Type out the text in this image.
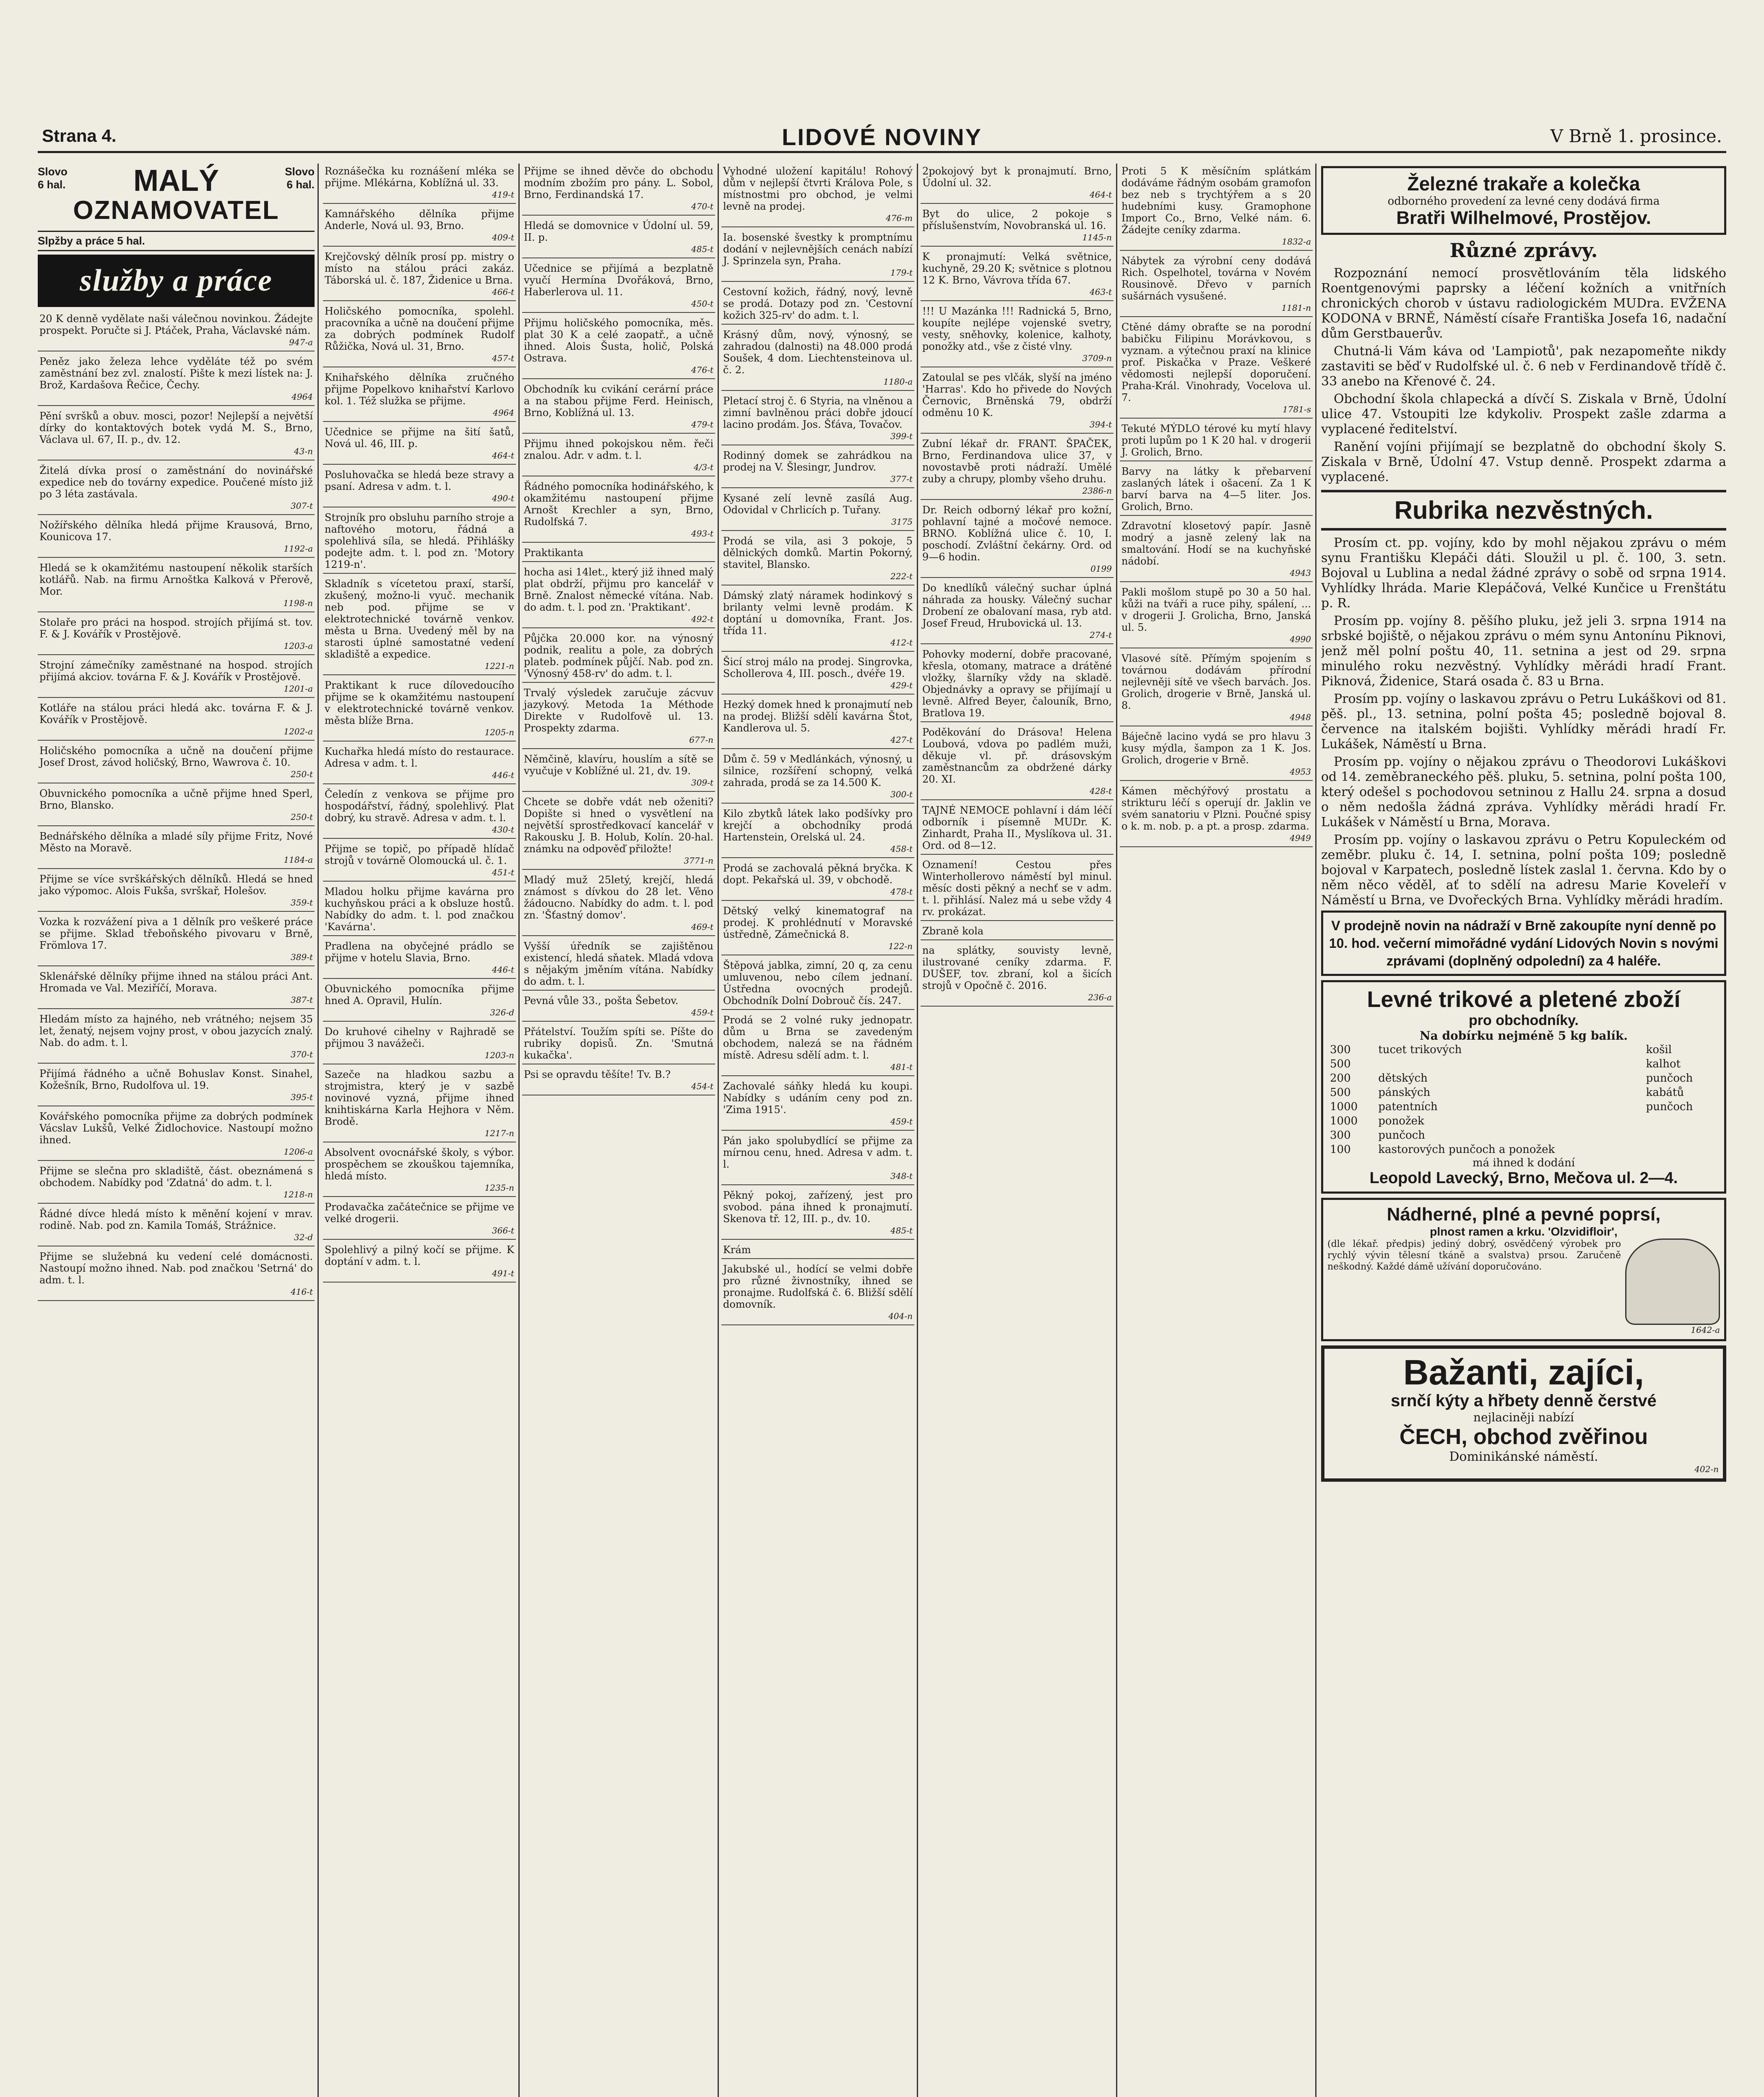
Strana 4.	LIDOVÉ NOVINY	V Brně 1. prosince.
Slovo 6 hal.
Slovo 6 hal.
MALÝ
OZNAMOVATEL
Slpžby a práce 5 hal.
služby a práce
20 K denně vydělate naši válečnou novinkou. Žádejte prospekt. Poručte si J. Ptáček, Praha, Václavské nám.
947-a
Peněz jako železa lehce vyděláte též po svém zaměstnání bez zvl. znalostí. Pište k mezi lístek na: J. Brož, Kardašova Řečice, Čechy.
4964
Pění svršků a obuv. mosci, pozor! Nejlepší a největší dírky do kontaktových botek vydá M. S., Brno, Václava ul. 67, II. p., dv. 12.
43-n
Žitelá dívka prosí o zaměstnání do novinářské expedice neb do továrny expedice. Poučené místo již po 3 léta zastávala.
307-t
Nožířského dělníka hledá přijme Krausová, Brno, Kounicova 17.
1192-a
Hledá se k okamžitému nastoupení několik starších kotlářů. Nab. na firmu Arnoštka Kalková v Přerově, Mor.
1198-n
Stolaře pro práci na hospod. strojích přijímá st. tov. F. & J. Kovářík v Prostějově.
1203-a
Strojní zámečníky zaměstnané na hospod. strojích přijímá akciov. továrna F. & J. Kovářík v Prostějově.
1201-a
Kotláře na stálou práci hledá akc. továrna F. & J. Kovářík v Prostějově.
1202-a
Holičského pomocníka a učně na doučení přijme Josef Drost, závod holičský, Brno, Wawrova č. 10.
250-t
Obuvnického pomocníka a učně přijme hned Sperl, Brno, Blansko.
250-t
Bednářského dělníka a mladé síly přijme Fritz, Nové Město na Moravě.
1184-a
Přijme se více svrškářských dělníků. Hledá se hned jako výpomoc. Alois Fukša, svrškař, Holešov.
359-t
Vozka k rozvážení piva a 1 dělník pro veškeré práce se přijme. Sklad třeboňského pivovaru v Brně, Frömlova 17.
389-t
Sklenářské dělníky přijme ihned na stálou práci Ant. Hromada ve Val. Meziříčí, Morava.
387-t
Hledám místo za hajného, neb vrátného; nejsem 35 let, ženatý, nejsem vojny prost, v obou jazycích znalý. Nab. do adm. t. l.
370-t
Přijímá řádného a učně Bohuslav Konst. Sinahel, Kožešník, Brno, Rudolfova ul. 19.
395-t
Kovářského pomocníka přijme za dobrých podmínek Vácslav Lukšů, Velké Židlochovice. Nastoupí možno ihned.
1206-a
Přijme se slečna pro skladiště, část. obeznámená s obchodem. Nabídky pod 'Zdatná' do adm. t. l.
1218-n
Řádné dívce hledá místo k měnění kojení v mrav. rodině. Nab. pod zn. Kamila Tomáš, Strážnice.
32-d
Přijme se služebná ku vedení celé domácnosti. Nastoupí možno ihned. Nab. pod značkou 'Setrná' do adm. t. l.
416-t
Roznášečka ku roznášení mléka se přijme. Mlékárna, Koblížná ul. 33.
419-t
Kamnářského dělníka přijme Anderle, Nová ul. 93, Brno.
409-t
Krejčovský dělník prosí pp. mistry o místo na stálou práci zakáz. Táborská ul. č. 187, Židenice u Brna.
466-t
Holičského pomocníka, spolehl. pracovníka a učně na doučení přijme za dobrých podmínek Rudolf Růžička, Nová ul. 31, Brno.
457-t
Knihařského dělníka zručného přijme Popelkovo knihařství Karlovo kol. 1. Též služka se přijme.
4964
Učednice se přijme na šití šatů, Nová ul. 46, III. p.
464-t
Posluhovačka se hledá beze stravy a psaní. Adresa v adm. t. l.
490-t
Strojník pro obsluhu parního stroje a naftového motoru, řádná a spolehlivá síla, se hledá. Přihlášky podejte adm. t. l. pod zn. 'Motory 1219-n'.
Skladník s vícetetou praxí, starší, zkušený, možno-li vyuč. mechanik neb pod. přijme se v elektrotechnické továrně venkov. města u Brna. Uvedený měl by na starosti úplné samostatné vedení skladiště a expedice.
1221-n
Praktikant k ruce dílovedoucího přijme se k okamžitému nastoupení v elektrotechnické továrně venkov. města blíže Brna.
1205-n
Kuchařka hledá místo do restaurace. Adresa v adm. t. l.
446-t
Čeledín z venkova se přijme pro hospodářství, řádný, spolehlivý. Plat dobrý, ku stravě. Adresa v adm. t. l.
430-t
Přijme se topič, po případě hlídač strojů v továrně Olomoucká ul. č. 1.
451-t
Mladou holku přijme kavárna pro kuchyňskou práci a k obsluze hostů. Nabídky do adm. t. l. pod značkou 'Kavárna'.
Pradlena na obyčejné prádlo se přijme v hotelu Slavia, Brno.
446-t
Obuvnického pomocníka přijme hned A. Opravil, Hulín.
326-d
Do kruhové cihelny v Rajhradě se přijmou 3 navážeči.
1203-n
Sazeče na hladkou sazbu a strojmistra, který je v sazbě novinové vyzná, přijme ihned knihtiskárna Karla Hejhora v Něm. Brodě.
1217-n
Absolvent ovocnářské školy, s výbor. prospěchem se zkouškou tajemníka, hledá místo.
1235-n
Prodavačka začátečnice se přijme ve velké drogerii.
366-t
Spolehlivý a pilný kočí se přijme. K doptání v adm. t. l.
491-t
Přijme se ihned děvče do obchodu modním zbožím pro pány. L. Sobol, Brno, Ferdinandská 17.
470-t
Hledá se domovnice v Údolní ul. 59, II. p.
485-t
Učednice se přijímá a bezplatně vyučí Hermína Dvořáková, Brno, Haberlerova ul. 11.
450-t
Přijmu holičského pomocníka, měs. plat 30 K a celé zaopatř., a učně ihned. Alois Šusta, holič, Polská Ostrava.
476-t
Obchodník ku cvikání cerární práce a na stabou přijme Ferd. Heinisch, Brno, Koblížná ul. 13.
479-t
Přijmu ihned pokojskou něm. řeči znalou. Adr. v adm. t. l.
4/3-t
Řádného pomocníka hodinářského, k okamžitému nastoupení přijme Arnošt Krechler a syn, Brno, Rudolfská 7.
493-t
Praktikanta
hocha asi 14let., který již ihned malý plat obdrží, přijmu pro kancelář v Brně. Znalost německé vítána. Nab. do adm. t. l. pod zn. 'Praktikant'.
492-t
Půjčka 20.000 kor. na výnosný podnik, realitu a pole, za dobrých plateb. podmínek půjčí. Nab. pod zn. 'Výnosný 458-rv' do adm. t. l.
Trvalý výsledek zaručuje zácvuv jazykový. Metoda 1a Méthode Direkte v Rudolfově ul. 13. Prospekty zdarma.
677-n
Němčině, klavíru, houslím a sítě se vyučuje v Koblížné ul. 21, dv. 19.
309-t
Chcete se dobře vdát neb oženiti? Dopište si hned o vysvětlení na největší sprostředkovací kancelář v Rakousku J. B. Holub, Kolín. 20-hal. známku na odpověď přiložte!
3771-n
Mladý muž 25letý, krejčí, hledá známost s dívkou do 28 let. Věno žádoucno. Nabídky do adm. t. l. pod zn. 'Šťastný domov'.
469-t
Vyšší úředník se zajištěnou existencí, hledá sňatek. Mladá vdova s nějakým jměním vítána. Nabídky do adm. t. l.
Pevná vůle 33., pošta Šebetov.
459-t
Přátelství. Toužím spíti se. Píšte do rubriky dopisů. Zn. 'Smutná kukačka'.
Psi se opravdu těšíte! Tv. B.?
454-t
Vyhodné uložení kapitálu! Rohový dům v nejlepší čtvrti Králova Pole, s místnostmi pro obchod, je velmi levně na prodej.
476-m
Ia. bosenské švestky k promptnímu dodání v nejlevnějších cenách nabízí J. Sprinzela syn, Praha.
179-t
Cestovní kožich, řádný, nový, levně se prodá. Dotazy pod zn. 'Cestovní kožich 325-rv' do adm. t. l.
Krásný dům, nový, výnosný, se zahradou (dalnosti) na 48.000 prodá Soušek, 4 dom. Liechtensteinova ul. č. 2.
1180-a
Pletací stroj č. 6 Styria, na vlněnou a zimní bavlněnou práci dobře jdoucí lacino prodám. Jos. Šťáva, Tovačov.
399-t
Rodinný domek se zahrádkou na prodej na V. Šlesingr, Jundrov.
377-t
Kysané zelí levně zasílá Aug. Odovidal v Chrlicích p. Tuřany.
3175
Prodá se vila, asi 3 pokoje, 5 dělnických domků. Martin Pokorný, stavitel, Blansko.
222-t
Dámský zlatý náramek hodinkový s brilanty velmi levně prodám. K doptání u domovníka, Frant. Jos. třída 11.
412-t
Šicí stroj málo na prodej. Singrovka, Schollerova 4, III. posch., dvéře 19.
429-t
Hezký domek hned k pronajmutí neb na prodej. Bližší sdělí kavárna Štot, Kandlerova ul. 5.
427-t
Dům č. 59 v Medlánkách, výnosný, u silnice, rozšíření schopný, velká zahrada, prodá se za 14.500 K.
300-t
Kilo zbytků látek lako podšívky pro krejčí a obchodníky prodá Hartenstein, Orelská ul. 24.
458-t
Prodá se zachovalá pěkná bryčka. K dopt. Pekařská ul. 39, v obchodě.
478-t
Dětský velký kinematograf na prodej. K prohlédnutí v Moravské ústředně, Zámečnická 8.
122-n
Štěpová jablka, zimní, 20 q, za cenu umluvenou, nebo cílem jednaní. Ústředna ovocných prodejů. Obchodník Dolní Dobrouč čís. 247.
Prodá se 2 volné ruky jednopatr. dům u Brna se zavedeným obchodem, nalezá se na řádném místě. Adresu sdělí adm. t. l.
481-t
Zachovalé sáňky hledá ku koupi. Nabídky s udáním ceny pod zn. 'Zima 1915'.
459-t
Pán jako spolubydlící se přijme za mírnou cenu, hned. Adresa v adm. t. l.
348-t
Pěkný pokoj, zařízený, jest pro svobod. pána ihned k pronajmutí. Skenova tř. 12, III. p., dv. 10.
485-t
Krám
Jakubské ul., hodící se velmi dobře pro různé živnostníky, ihned se pronajme. Rudolfská č. 6. Bližší sdělí domovník.
404-n
2pokojový byt k pronajmutí. Brno, Údolní ul. 32.
464-t
Byt do ulice, 2 pokoje s příslušenstvím, Novobranská ul. 16.
1145-n
K pronajmutí: Velká světnice, kuchyně, 29.20 K; světnice s plotnou 12 K. Brno, Vávrova třída 67.
463-t
!!! U Mazánka !!! Radnická 5, Brno, koupíte nejlépe vojenské svetry, vesty, sněhovky, kolenice, kalhoty, ponožky atd., vše z čisté vlny.
3709-n
Zatoulal se pes vlčák, slyší na jméno 'Harras'. Kdo ho přivede do Nových Černovic, Brněnská 79, obdrží odměnu 10 K.
394-t
Zubní lékař dr. FRANT. ŠPAČEK, Brno, Ferdinandova ulice 37, v novostavbě proti nádraží. Umělé zuby a chrupy, plomby všeho druhu.
2386-n
Dr. Reich odborný lékař pro kožní, pohlavní tajné a močové nemoce. BRNO. Koblížná ulice č. 10, I. poschodí. Zvláštní čekárny. Ord. od 9—6 hodin.
0199
Do knedlíků válečný suchar úplná náhrada za housky. Válečný suchar Drobení ze obalovaní masa, ryb atd. Josef Freud, Hrubovická ul. 13.
274-t
Pohovky moderní, dobře pracované, křesla, otomany, matrace a drátěné vložky, šlarníky vždy na skladě. Objednávky a opravy se přijímají u levně. Alfred Beyer, čalouník, Brno, Bratlova 19.
Poděkování do Drásova! Helena Loubová, vdova po padlém muži, děkuje vl. př. drásovským zaměstnancům za obdržené dárky 20. XI.
428-t
TAJNÉ NEMOCE pohlavní i dám léčí odborník i písemně MUDr. K. Zinhardt, Praha II., Myslíkova ul. 31. Ord. od 8—12.
Oznamení! Cestou přes Winterhollerovo náměstí byl minul. měsíc dosti pěkný a nechť se v adm. t. l. přihlásí. Nalez má u sebe vždy 4 rv. prokázat.
Zbraně kola
na splátky, souvisty levně, ilustrované ceníky zdarma. F. DUŠEF, tov. zbraní, kol a šicích strojů v Opočně č. 2016.
236-a
Proti 5 K měsíčním splátkám dodáváme řádným osobám gramofon bez neb s trychtýřem a s 20 hudebními kusy. Gramophone Import Co., Brno, Velké nám. 6. Žádejte ceníky zdarma.
1832-a
Nábytek za výrobní ceny dodává Rich. Ospelhotel, továrna v Novém Rousinově. Dřevo v parních sušárnách vysušené.
1181-n
Ctěné dámy obraťte se na porodní babičku Filipinu Morávkovou, s vyznam. a výtečnou praxí na klinice prof. Piskačka v Praze. Veškeré vědomosti nejlepší doporučení. Praha-Král. Vinohrady, Vocelova ul. 7.
1781-s
Tekuté MÝDLO térové ku mytí hlavy proti lupům po 1 K 20 hal. v drogerii J. Grolich, Brno.
Barvy na látky k přebarvení zaslaných látek i ošacení. Za 1 K barví barva na 4—5 liter. Jos. Grolich, Brno.
Zdravotní klosetový papír. Jasně modrý a jasně zelený lak na smaltování. Hodí se na kuchyňské nádobí.
4943
Pakli mošlom stupě po 30 a 50 hal. kůži na tváři a ruce pihy, spálení, ... v drogerii J. Grolicha, Brno, Janská ul. 5.
4990
Vlasové sítě. Přímým spojením s továrnou dodávám přírodní nejlevněji sítě ve všech barvách. Jos. Grolich, drogerie v Brně, Janská ul. 8.
4948
Báječně lacino vydá se pro hlavu 3 kusy mýdla, šampon za 1 K. Jos. Grolich, drogerie v Brně.
4953
Kámen měchýřový prostatu a strikturu léčí s operují dr. Jaklin ve svém sanatoriu v Plzni. Poučné spisy o k. m. nob. p. a pt. a prosp. zdarma.
4949
Železné trakaře a kolečka
odborného provedení za levné ceny dodává firma
Bratři Wilhelmové, Prostějov.
Různé zprávy.

Rozpoznání nemocí prosvětlováním těla lidského Roentgenovými paprsky a léčení kožních a vnitřních chronických chorob v ústavu radiologickém MUDra. EVŽENA KODONA v BRNĚ, Náměstí císaře Františka Josefa 16, nadační dům Gerstbauerův.

Chutná-li Vám káva od 'Lampiotů', pak nezapomeňte nikdy zastaviti se běď v Rudolfské ul. č. 6 neb v Ferdinandově třídě č. 33 anebo na Křenové č. 24.

Obchodní škola chlapecká a dívčí S. Ziskala v Brně, Údolní ulice 47. Vstoupiti lze kdykoliv. Prospekt zašle zdarma a vyplacené ředitelství.

Ranění vojíni přijímají se bezplatně do obchodní školy S. Ziskala v Brně, Údolní 47. Vstup denně. Prospekt zdarma a vyplacené.

Rubrika nezvěstných.

Prosím ct. pp. vojíny, kdo by mohl nějakou zprávu o mém synu Františku Klepáči dáti. Sloužil u pl. č. 100, 3. setn. Bojoval u Lublina a nedal žádné zprávy o sobě od srpna 1914. Vyhlídky lhráda. Marie Klepáčová, Velké Kunčice u Frenštátu p. R.

Prosím pp. vojíny 8. pěšího pluku, jež jeli 3. srpna 1914 na srbské bojiště, o nějakou zprávu o mém synu Antonínu Piknovi, jenž měl polní poštu 40, 11. setnina a jest od 29. srpna minulého roku nezvěstný. Vyhlídky měrádi hradí Frant. Piknová, Židenice, Stará osada č. 83 u Brna.

Prosím pp. vojíny o laskavou zprávu o Petru Lukáškovi od 81. pěš. pl., 13. setnina, polní pošta 45; posledně bojoval 8. července na italském bojišti. Vyhlídky měrádi hradí Fr. Lukášek, Náměstí u Brna.

Prosím pp. vojíny o nějakou zprávu o Theodorovi Lukáškovi od 14. zeměbraneckého pěš. pluku, 5. setnina, polní pošta 100, který odešel s pochodovou setninou z Hallu 24. srpna a dosud o něm nedošla žádná zpráva. Vyhlídky měrádi hradí Fr. Lukášek v Náměstí u Brna, Morava.

Prosím pp. vojíny o laskavou zprávu o Petru Kopuleckém od zeměbr. pluku č. 14, I. setnina, polní pošta 109; posledně bojoval v Karpatech, posledně lístek zaslal 1. června. Kdo by o něm něco věděl, ať to sdělí na adresu Marie Koveleří v Náměstí u Brna, ve Dvořeckých Brna. Vyhlídky měrádi hradím.

V prodejně novin na nádraží v Brně zakoupíte nyní denně po 10. hod. večerní mimořádné vydání Lidových Novin s novými zprávami (doplněný odpolední) za 4 haléře.
Levné trikové a pletené zboží
pro obchodníky.
Na dobírku nejméně 5 kg balík.
300	tucet trikových	košil
500		kalhot
200	dětských	punčoch
500	pánských	kabátů
1000	patentních	punčoch
1000	ponožek	
300	punčoch	
100	kastorových punčoch a ponožek	
má ihned k dodání
Leopold Lavecký, Brno, Mečova ul. 2—4.
Nádherné, plné a pevné poprsí,
plnost ramen a krku. 'Olzvidifloir',
(dle lékař. předpis) jediný dobrý, osvědčený výrobek pro rychlý vývin tělesní tkáně a svalstva) prsou. Zaručeně neškodný. Každé dámě užívání doporučováno.
1642-a
Bažanti, zajíci,
srnčí kýty a hřbety denně čerstvé
nejlaciněji nabízí
ČECH, obchod zvěřinou
Dominikánské náměstí.
402-n
